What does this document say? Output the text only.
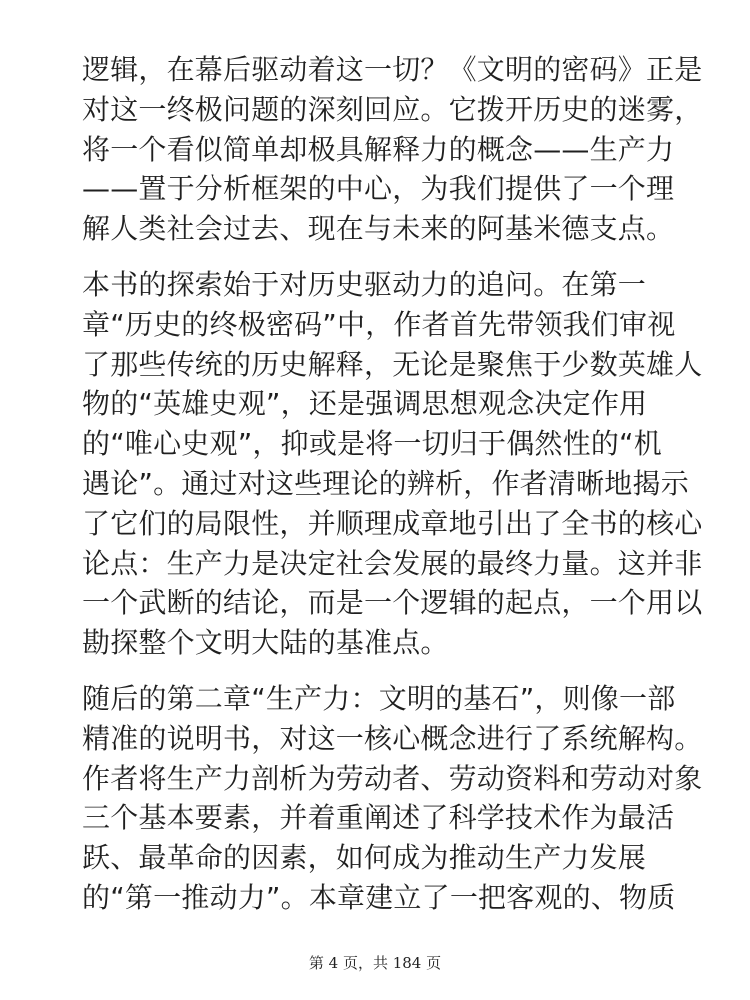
逻辑，在幕后驱动着这一切？《文明的密码》正是
对这一终极问题的深刻回应。它拨开历史的迷雾，
将一个看似简单却极具解释力的概念——生产力
——置于分析框架的中心，为我们提供了一个理
解人类社会过去、现在与未来的阿基米德支点。

本书的探索始于对历史驱动力的追问。在第一
章“历史的终极密码”中，作者首先带领我们审视
了那些传统的历史解释，无论是聚焦于少数英雄人
物的“英雄史观”，还是强调思想观念决定作用
的“唯心史观”，抑或是将一切归于偶然性的“机
遇论”。通过对这些理论的辨析，作者清晰地揭示
了它们的局限性，并顺理成章地引出了全书的核心
论点：生产力是决定社会发展的最终力量。这并非
一个武断的结论，而是一个逻辑的起点，一个用以
勘探整个文明大陆的基准点。

随后的第二章“生产力：文明的基石”，则像一部
精准的说明书，对这一核心概念进行了系统解构。
作者将生产力剖析为劳动者、劳动资料和劳动对象
三个基本要素，并着重阐述了科学技术作为最活
跃、最革命的因素，如何成为推动生产力发展
的“第一推动力”。本章建立了一把客观的、物质

第 4 页，共 184 页
